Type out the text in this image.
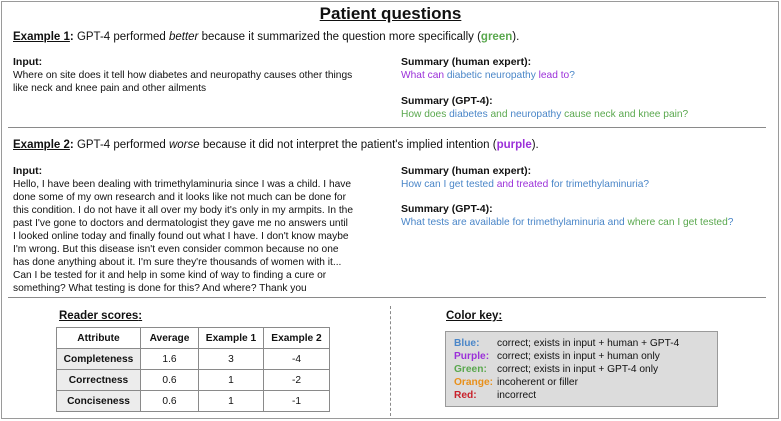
Patient questions
Example 1: GPT-4 performed better because it summarized the question more specifically (green).
Input:
Where on site does it tell how diabetes and neuropathy causes other things
like neck and knee pain and other ailments
Summary (human expert):
What can diabetic neuropathy lead to?
Summary (GPT-4):
How does diabetes and neuropathy cause neck and knee pain?
Example 2: GPT-4 performed worse because it did not interpret the patient's implied intention (purple).
Input:
Hello, I have been dealing with trimethylaminuria since I was a child. I have
done some of my own research and it looks like not much can be done for
this condition. I do not have it all over my body it's only in my armpits. In the
past I've gone to doctors and dermatologist they gave me no answers until
I looked online today and finally found out what I have. I don't know maybe
I'm wrong. But this disease isn't even consider common because no one
has done anything about it. I'm sure they're thousands of women with it...
Can I be tested for it and help in some kind of way to finding a cure or
something? What testing is done for this? And where? Thank you
Summary (human expert):
How can I get tested and treated for trimethylaminuria?
Summary (GPT-4):
What tests are available for trimethylaminuria and where can I get tested?
Reader scores:
Attribute	Average	Example 1	Example 2
Completeness	1.6	3	-4
Correctness	0.6	1	-2
Conciseness	0.6	1	-1
Color key:
Blue: correct; exists in input + human + GPT-4
Purple: correct; exists in input + human only
Green: correct; exists in input + GPT-4 only
Orange: incoherent or filler
Red: incorrect
